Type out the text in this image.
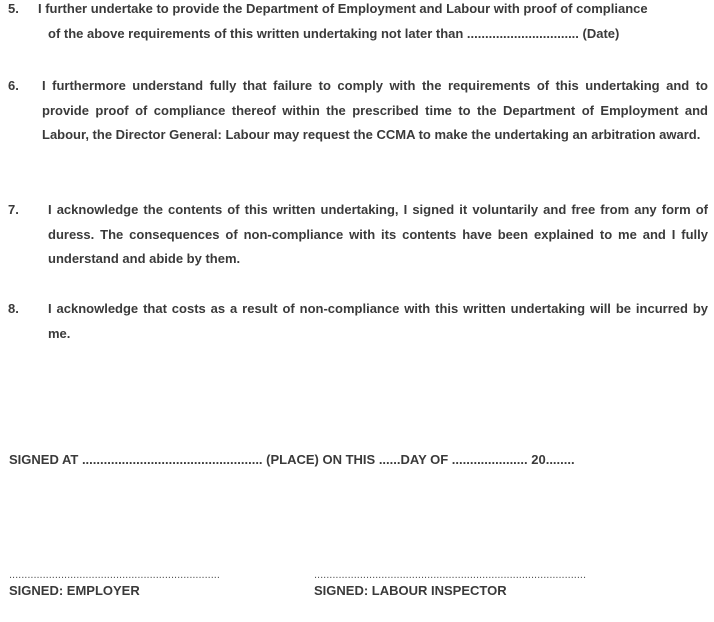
5. I further undertake to provide the Department of Employment and Labour with proof of compliance
of the above requirements of this written undertaking not later than ............................... (Date)
6. I furthermore understand fully that failure to comply with the requirements of this undertaking and to provide proof of compliance thereof within the prescribed time to the Department of Employment and Labour, the Director General: Labour may request the CCMA to make the undertaking an arbitration award.
7. I acknowledge the contents of this written undertaking, I signed it voluntarily and free from any form of duress. The consequences of non-compliance with its contents have been explained to me and I fully understand and abide by them.
8. I acknowledge that costs as a result of non-compliance with this written undertaking will be incurred by me.
SIGNED AT .................................................. (PLACE) ON THIS ......DAY OF ..................... 20........
.....................................................................
SIGNED: EMPLOYER
.........................................................................................
SIGNED: LABOUR INSPECTOR
